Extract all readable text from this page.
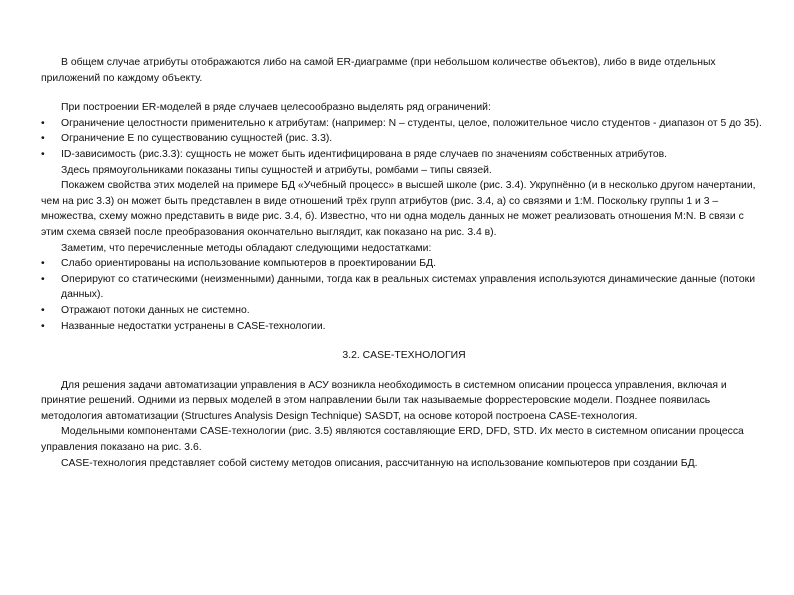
В общем случае атрибуты отображаются либо на самой ER-диаграмме (при небольшом количестве объектов), либо в виде отдельных приложений по каждому объекту.

При построении ER-моделей в ряде случаев целесообразно выделять ряд ограничений:

• Ограничение целостности применительно к атрибутам: (например: N – студенты, целое, положительное число студентов - диапазон от 5 до 35).
• Ограничение E по существованию сущностей (рис. 3.3).
• ID-зависимость (рис.3.3): сущность не может быть идентифицирована в ряде случаев по значениям собственных атрибутов.

Здесь прямоугольниками показаны типы сущностей и атрибуты, ромбами – типы связей.

Покажем свойства этих моделей на примере БД «Учебный процесс» в высшей школе (рис. 3.4). Укрупнённо (и в несколько другом начертании, чем на рис 3.3) он может быть представлен в виде отношений трёх групп атрибутов (рис. 3.4, а) со связями и 1:M. Поскольку группы 1 и 3 – множества, схему можно представить в виде рис. 3.4, б). Известно, что ни одна модель данных не может реализовать отношения M:N. В связи с этим схема связей после преобразования окончательно выглядит, как показано на рис. 3.4 в).

Заметим, что перечисленные методы обладают следующими недостатками:

• Слабо ориентированы на использование компьютеров в проектировании БД.
• Оперируют со статичеcкими (неизменными) данными, тогда как в реальных системах управления используются динамические данные (потоки данных).
• Отражают потоки данных не системно.
• Названные недостатки устранены в CASE-технологии.

3.2. CASE-ТЕХНОЛОГИЯ

Для решения задачи автоматизации управления в АСУ возникла необходимость в системном описании процесса управления, включая и принятие решений. Одними из первых моделей в этом направлении были так называемые форрестеровские модели. Позднее появилась методология автоматизации (Structures Analysis Design Technique) SASDT, на основе которой построена CASE-технология.

Модельными компонентами CASE-технологии (рис. 3.5) являются составляющие ERD, DFD, STD. Их место в системном описании процесса управления показано на рис. 3.6.

CASE-технология представляет собой систему методов описания, рассчитанную на использование компьютеров при создании БД.
